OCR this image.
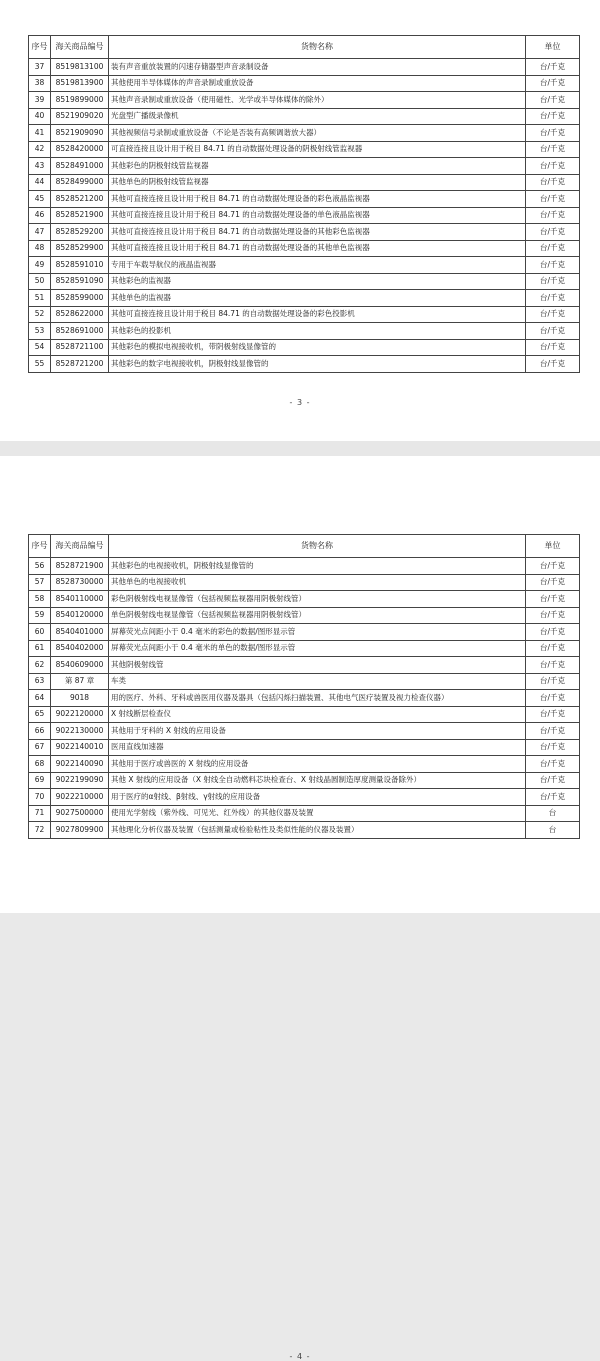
序号	海关商品编号	货物名称	单位
37	8519813100	装有声音重放装置的闪速存储器型声音录制设备	台/千克
38	8519813900	其他使用半导体媒体的声音录制或重放设备	台/千克
39	8519899000	其他声音录制或重放设备（使用磁性、光学或半导体媒体的除外）	台/千克
40	8521909020	光盘型广播级录像机	台/千克
41	8521909090	其他视频信号录制或重放设备（不论是否装有高频调谐放大器）	台/千克
42	8528420000	可直接连接且设计用于税目 84.71 的自动数据处理设备的阴极射线管监视器	台/千克
43	8528491000	其他彩色的阴极射线管监视器	台/千克
44	8528499000	其他单色的阴极射线管监视器	台/千克
45	8528521200	其他可直接连接且设计用于税目 84.71 的自动数据处理设备的彩色液晶监视器	台/千克
46	8528521900	其他可直接连接且设计用于税目 84.71 的自动数据处理设备的单色液晶监视器	台/千克
47	8528529200	其他可直接连接且设计用于税目 84.71 的自动数据处理设备的其他彩色监视器	台/千克
48	8528529900	其他可直接连接且设计用于税目 84.71 的自动数据处理设备的其他单色监视器	台/千克
49	8528591010	专用于车载导航仪的液晶监视器	台/千克
50	8528591090	其他彩色的监视器	台/千克
51	8528599000	其他单色的监视器	台/千克
52	8528622000	其他可直接连接且设计用于税目 84.71 的自动数据处理设备的彩色投影机	台/千克
53	8528691000	其他彩色的投影机	台/千克
54	8528721100	其他彩色的模拟电视接收机，带阴极射线显像管的	台/千克
55	8528721200	其他彩色的数字电视接收机，阴极射线显像管的	台/千克
- 3 -
序号	海关商品编号	货物名称	单位
56	8528721900	其他彩色的电视接收机，阴极射线显像管的	台/千克
57	8528730000	其他单色的电视接收机	台/千克
58	8540110000	彩色阴极射线电视显像管（包括视频监视器用阴极射线管）	台/千克
59	8540120000	单色阴极射线电视显像管（包括视频监视器用阴极射线管）	台/千克
60	8540401000	屏幕荧光点间距小于 0.4 毫米的彩色的数据/图形显示管	台/千克
61	8540402000	屏幕荧光点间距小于 0.4 毫米的单色的数据/图形显示管	台/千克
62	8540609000	其他阴极射线管	台/千克
63	第 87 章	车类	台/千克
64	9018	用的医疗、外科、牙科或兽医用仪器及器具（包括闪烁扫描装置、其他电气医疗装置及视力检查仪器）	台/千克
65	9022120000	X 射线断层检查仪	台/千克
66	9022130000	其他用于牙科的 X 射线的应用设备	台/千克
67	9022140010	医用直线加速器	台/千克
68	9022140090	其他用于医疗或兽医的 X 射线的应用设备	台/千克
69	9022199090	其他 X 射线的应用设备（X 射线全自动燃料芯块检查台、X 射线晶圆制造厚度测量设备除外）	台/千克
70	9022210000	用于医疗的α射线、β射线、γ射线的应用设备	台/千克
71	9027500000	使用光学射线（紫外线、可见光、红外线）的其他仪器及装置	台
72	9027809900	其他理化分析仪器及装置（包括测量或检验粘性及类似性能的仪器及装置）	台
- 4 -
